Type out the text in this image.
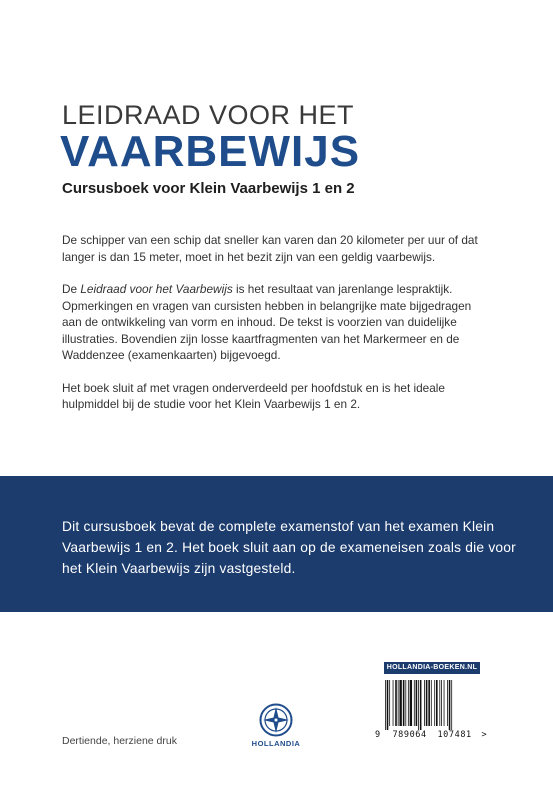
LEIDRAAD VOOR HET
VAARBEWIJS
Cursusboek voor Klein Vaarbewijs 1 en 2

De schipper van een schip dat sneller kan varen dan 20 kilometer per uur of dat langer is dan 15 meter, moet in het bezit zijn van een geldig vaarbewijs.

De Leidraad voor het Vaarbewijs is het resultaat van jarenlange lespraktijk. Opmerkingen en vragen van cursisten hebben in belangrijke mate bijgedragen aan de ontwikkeling van vorm en inhoud. De tekst is voorzien van duidelijke illustraties. Bovendien zijn losse kaartfragmenten van het Markermeer en de Waddenzee (examenkaarten) bijgevoegd.

Het boek sluit af met vragen onderverdeeld per hoofdstuk en is het ideale hulpmiddel bij de studie voor het Klein Vaarbewijs 1 en 2.

Dit cursusboek bevat de complete examenstof van het examen Klein Vaarbewijs 1 en 2. Het boek sluit aan op de exameneisen zoals die voor het Klein Vaarbewijs zijn vastgesteld.
Dertiende, herziene druk	HOLLANDIA
HOLLANDIA-BOEKEN.NL
9 789064 107481 >
